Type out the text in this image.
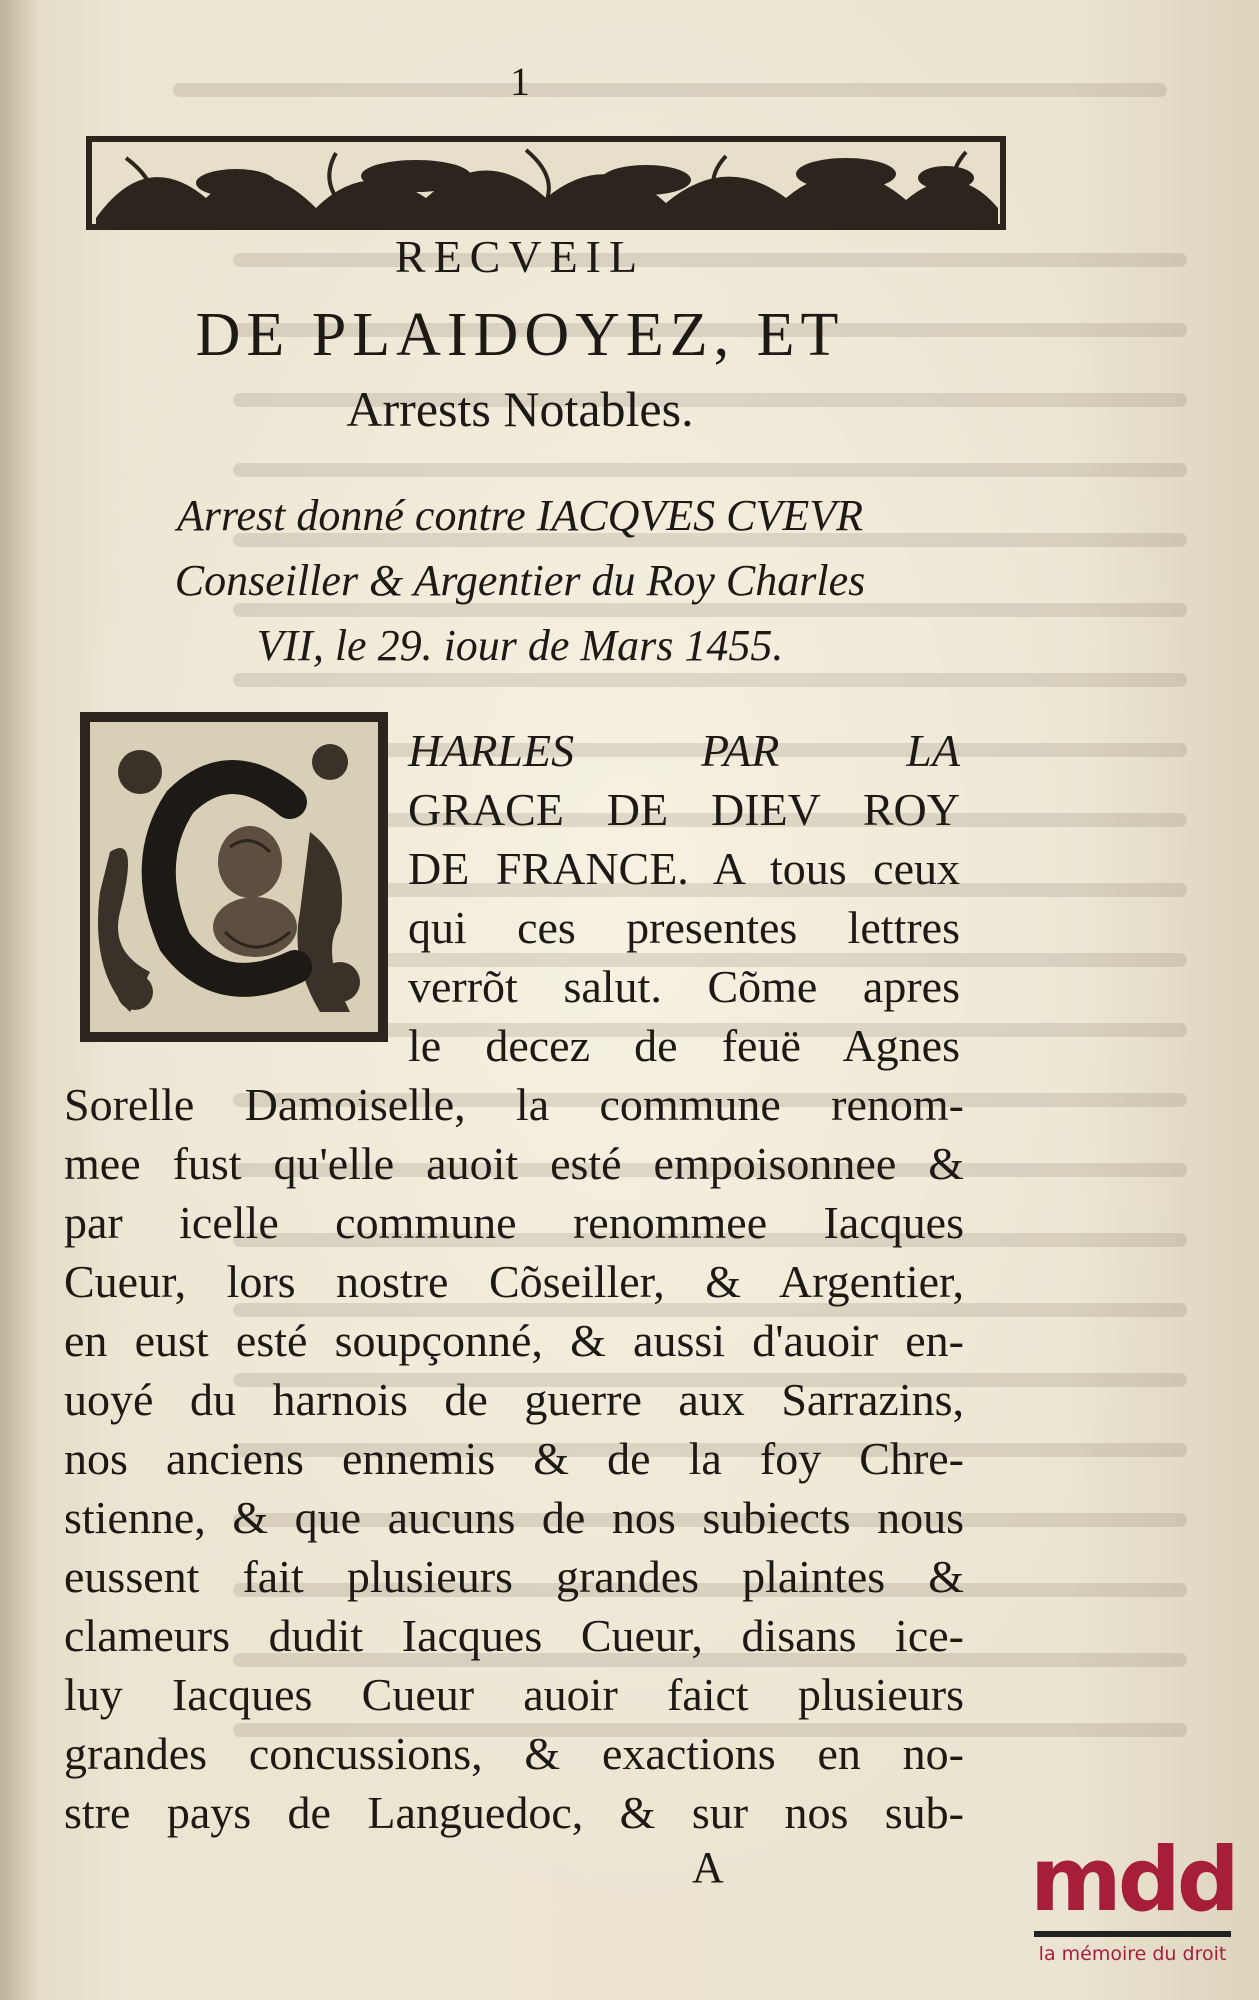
1
RECVEIL
DE PLAIDOYEZ, ET
Arrests Notables.
Arrest donné contre IACQVES CVEVR
Conseiller & Argentier du Roy Charles
VII, le 29. iour de Mars 1455.
HARLES PAR LA
GRACE DE DIEV ROY
DE FRANCE. A tous ceux
qui ces presentes lettres
verrõt salut. Cõme apres
le decez de feuë Agnes
Sorelle Damoiselle, la commune renom-
mee fust qu'elle auoit esté empoisonnee &
par icelle commune renommee Iacques
Cueur, lors nostre Cõseiller, & Argentier,
en eust esté soupçonné, & aussi d'auoir en-
uoyé du harnois de guerre aux Sarrazins,
nos anciens ennemis & de la foy Chre-
stienne, & que aucuns de nos subiects nous
eussent fait plusieurs grandes plaintes &
clameurs dudit Iacques Cueur, disans ice-
luy Iacques Cueur auoir faict plusieurs
grandes concussions, & exactions en no-
stre pays de Languedoc, & sur nos sub-
A	mdd
la mémoire du droit
